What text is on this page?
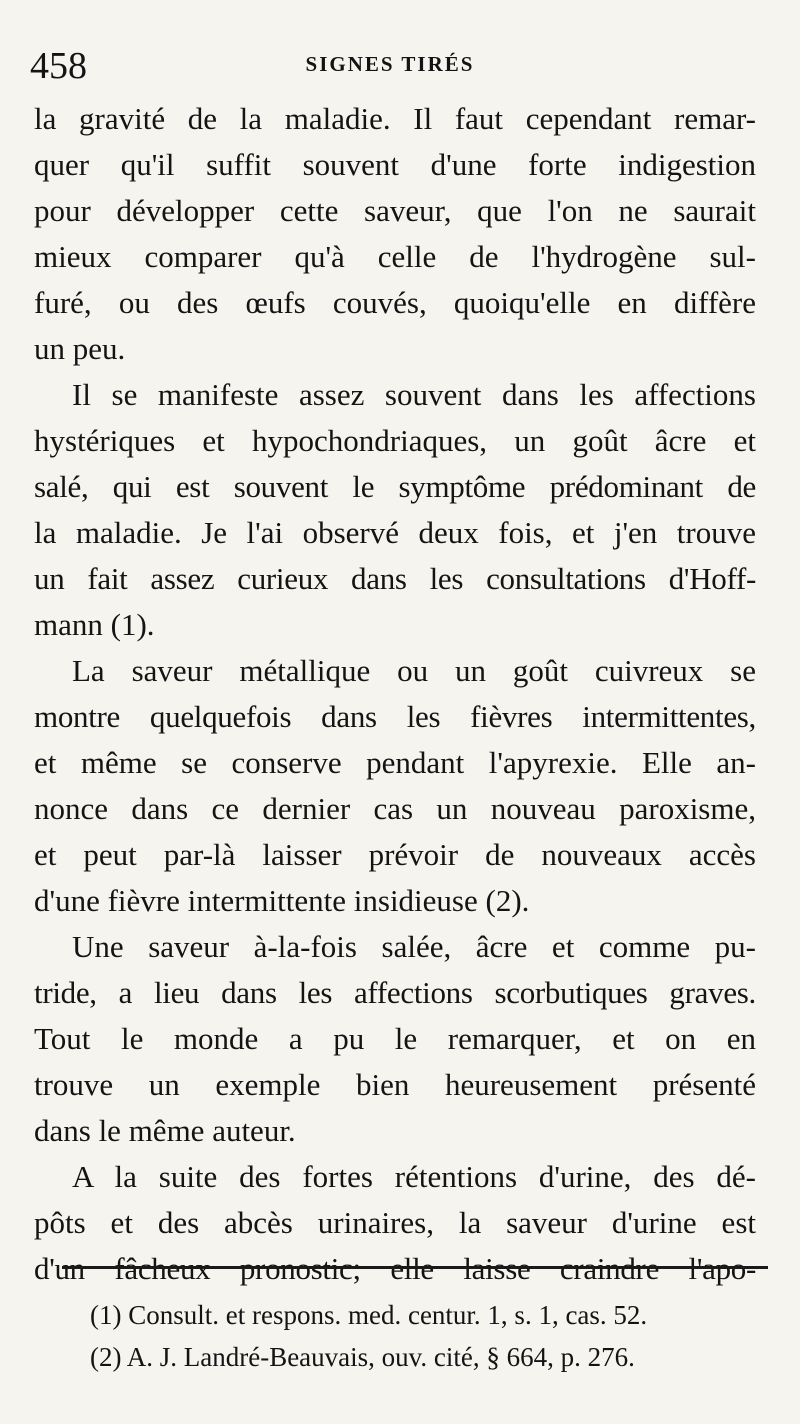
458	SIGNES TIRÉS
la gravité de la maladie. Il faut cependant remar-
quer qu'il suffit souvent d'une forte indigestion
pour développer cette saveur, que l'on ne saurait
mieux comparer qu'à celle de l'hydrogène sul-
furé, ou des œufs couvés, quoiqu'elle en diffère
un peu.
Il se manifeste assez souvent dans les affections
hystériques et hypochondriaques, un goût âcre et
salé, qui est souvent le symptôme prédominant de
la maladie. Je l'ai observé deux fois, et j'en trouve
un fait assez curieux dans les consultations d'Hoff-
mann (1).
La saveur métallique ou un goût cuivreux se
montre quelquefois dans les fièvres intermittentes,
et même se conserve pendant l'apyrexie. Elle an-
nonce dans ce dernier cas un nouveau paroxisme,
et peut par-là laisser prévoir de nouveaux accès
d'une fièvre intermittente insidieuse (2).
Une saveur à-la-fois salée, âcre et comme pu-
tride, a lieu dans les affections scorbutiques graves.
Tout le monde a pu le remarquer, et on en
trouve un exemple bien heureusement présenté
dans le même auteur.
A la suite des fortes rétentions d'urine, des dé-
pôts et des abcès urinaires, la saveur d'urine est
d'un fâcheux pronostic; elle laisse craindre l'apo-
(1) Consult. et respons. med. centur. 1, s. 1, cas. 52.
(2) A. J. Landré-Beauvais, ouv. cité, § 664, p. 276.
